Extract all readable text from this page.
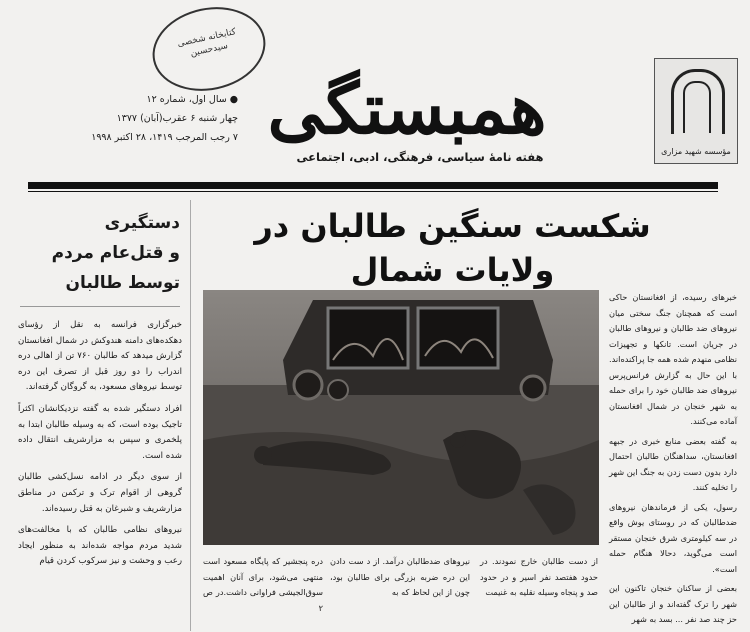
کتابخانه شخصی سیدحسین
مؤسسه شهید مزاری
همبستگی
هفته نامهٔ سیاسی، فرهنگی، ادبی، اجتماعی
● سال اول، شماره ۱۲
چهار شنبه ۶ عقرب(آبان) ۱۳۷۷
۷ رجب المرجب ۱۴۱۹، ۲۸ اکتبر ۱۹۹۸
شکست سنگین طالبان در ولایات شمال
دستگیری
و قتل‌عام مردم
توسط طالبان

خبرگزاری فرانسه به نقل از رؤسای دهکده‌های دامنه هندوکش در شمال افغانستان گزارش میدهد که طالبان ۷۶۰ تن از اهالی دره اندراب را دو روز قبل از تصرف این دره توسط نیروهای مسعود، به گروگان گرفته‌اند.

افراد دستگیر شده به گفته نزدیکانشان اکثراً تاجیک بوده است، که به وسیله طالبان ابتدا به پلخمری و سپس به مزارشریف انتقال داده شده است.

از سوی دیگر در ادامه نسل‌کشی طالبان گروهی از اقوام ترک و ترکمن در مناطق مزارشریف و شبرغان به قتل رسیده‌اند.

نیروهای نظامی طالبان که با مخالفت‌های شدید مردم مواجه شده‌اند به منظور ایجاد رعب و وحشت و نیز سرکوب کردن قیام

خبرهای رسیده، از افغانستان حاکی است که همچنان جنگ سختی میان نیروهای ضد طالبان و نیروهای طالبان در جریان است. تانکها و تجهیزات نظامی منهدم شده همه جا پراکنده‌اند. با این حال به گزارش فرانس‌پرس نیروهای ضد طالبان خود را برای حمله به شهر خنجان در شمال افغانستان آماده می‌کنند.

به گفته بعضی منابع خبری در جبهه افغانستان، سداهنگان طالبان احتمال دارد بدون دست زدن به جنگ این شهر را تخلیه کنند.

رسول، یکی از فرماندهان نیروهای ضدطالبان که در روستای یوش واقع در سه کیلومتری شرق خنجان مستقر است می‌گوید، دحالا هنگام حمله است».

بعضی از ساکنان خنجان تاکنون این شهر را ترک گفته‌اند و از طالبان این حز چند صد نفر ... بسد به شهر

از دست طالبان خارج نمودند. در حدود هفتصد نفر اسیر و در حدود صد و پنجاه وسیله نقلیه به غنیمت
نیروهای ضدطالبان درآمد. از د ست دادن این دره ضربه بزرگی برای طالبان بود، چون از این لحاظ که به
دره پنجشیر که پایگاه مسعود است منتهی می‌شود، برای آنان اهمیت سوق‌الجیشی فراوانی داشت.در ص ۲
